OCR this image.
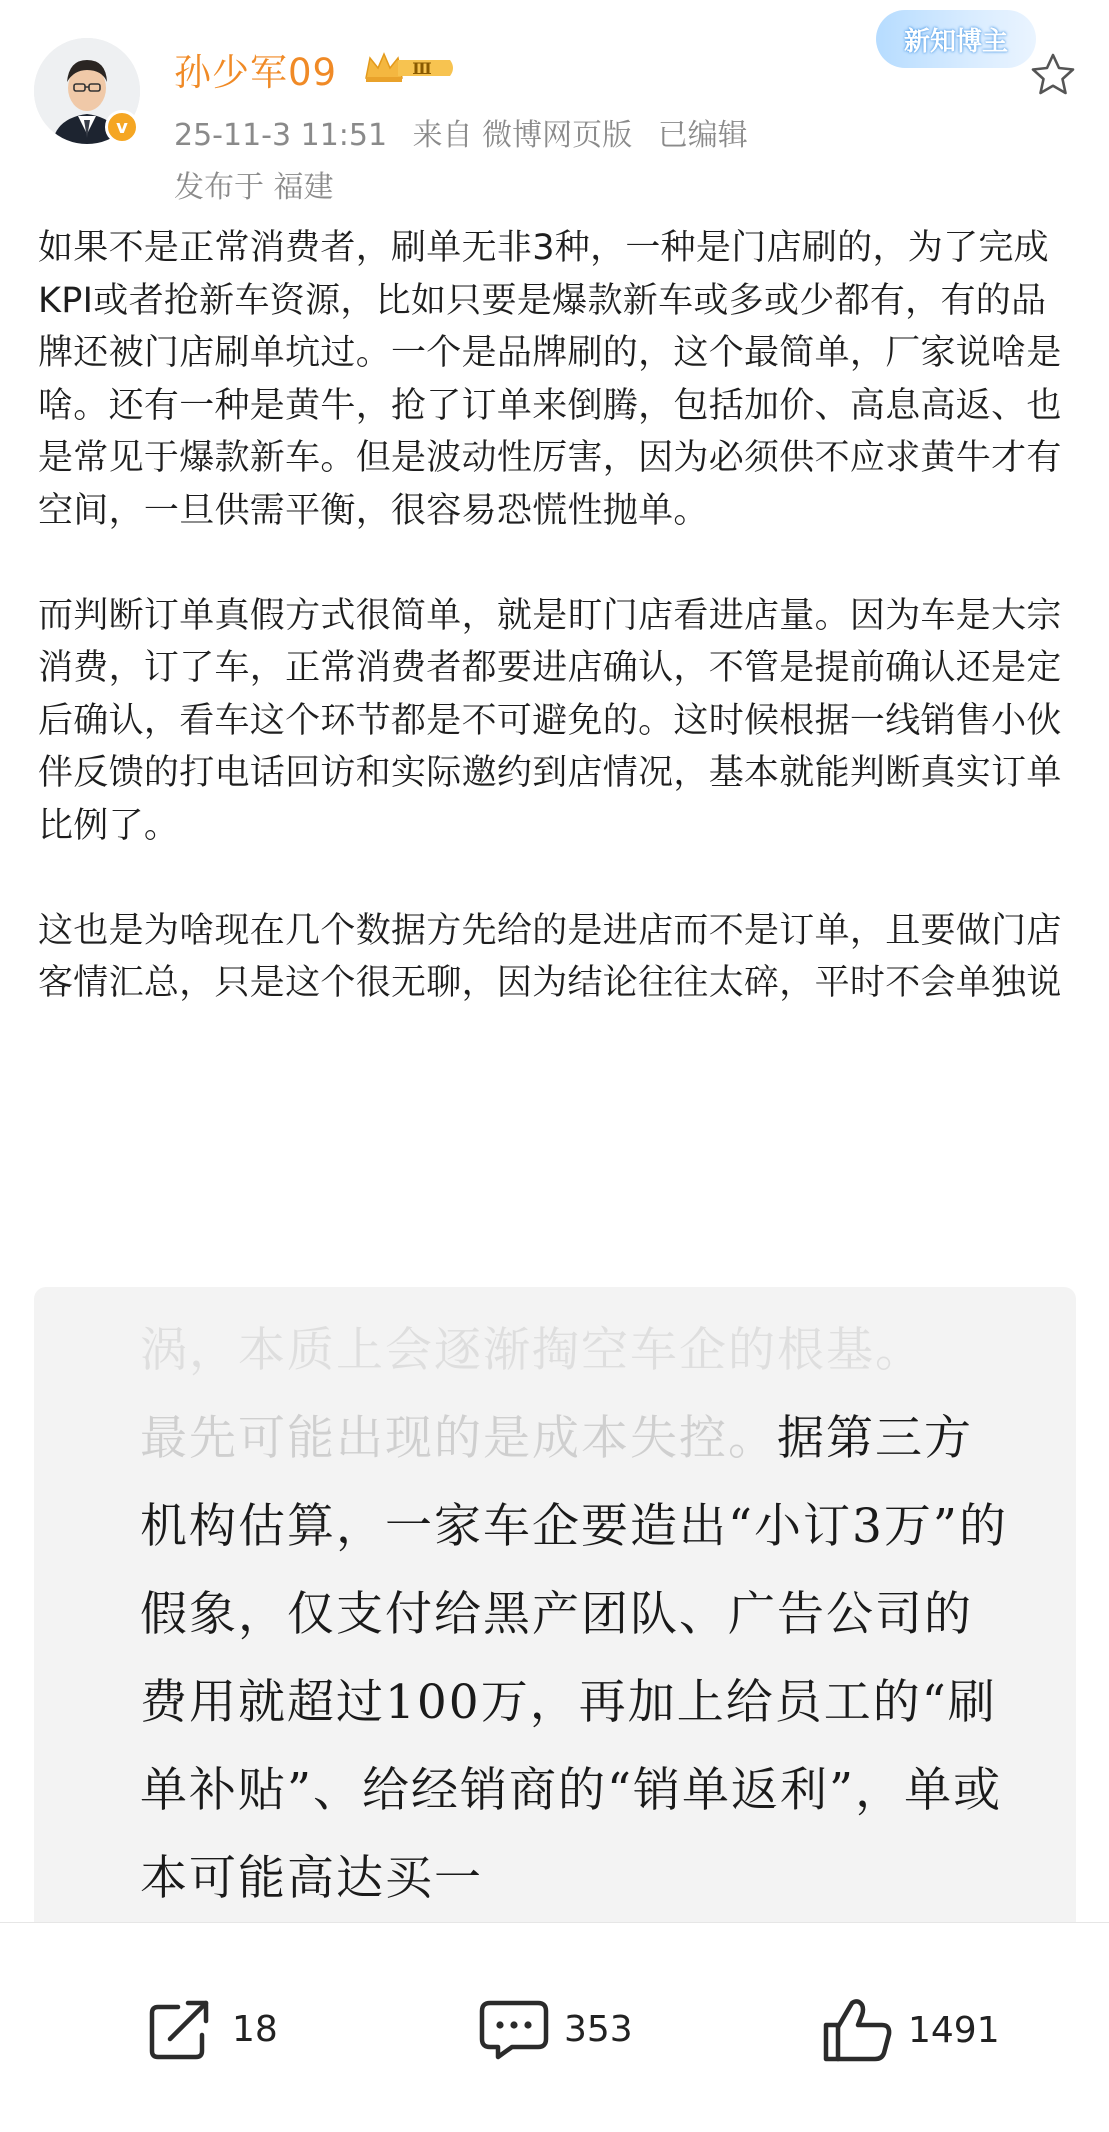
v
孙少军09	Ⅲ
25-11-3 11:51 来自 微博网页版 已编辑
发布于 福建
新知博主

如果不是正常消费者，刷单无非3种，一种是门店刷的，为了完成KPI或者抢新车资源，比如只要是爆款新车或多或少都有，有的品牌还被门店刷单坑过。一个是品牌刷的，这个最简单，厂家说啥是啥。还有一种是黄牛，抢了订单来倒腾，包括加价、高息高返、也是常见于爆款新车。但是波动性厉害，因为必须供不应求黄牛才有空间，一旦供需平衡，很容易恐慌性抛单。

而判断订单真假方式很简单，就是盯门店看进店量。因为车是大宗消费，订了车，正常消费者都要进店确认，不管是提前确认还是定后确认，看车这个环节都是不可避免的。这时候根据一线销售小伙伴反馈的打电话回访和实际邀约到店情况，基本就能判断真实订单比例了。

这也是为啥现在几个数据方先给的是进店而不是订单，且要做门店客情汇总，只是这个很无聊，因为结论往往太碎，平时不会单独说

涡，本质上会逐渐掏空车企的根基。
最先可能出现的是成本失控。据第三方机构估算，一家车企要造出“小订3万”的假象，仅支付给黑产团队、广告公司的费用就超过100万，再加上给员工的“刷单补贴”、给经销商的“销单返利”，单或本可能高达买一
18	353	1491
